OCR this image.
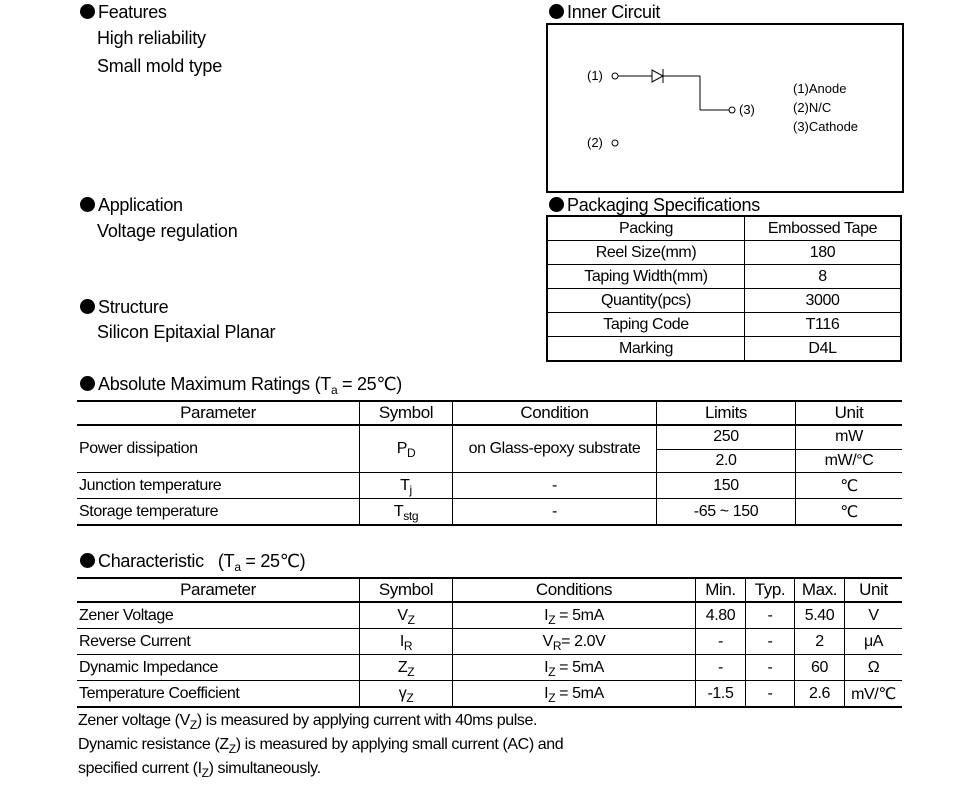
Features
High reliability
Small mold type
Inner Circuit
(1)
(3)
(2)
(1)Anode
(2)N/C
(3)Cathode
Application
Voltage regulation
Structure
Silicon Epitaxial Planar
Packaging Specifications
Packing	Embossed Tape
Reel Size(mm)	180
Taping Width(mm)	8
Quantity(pcs)	3000
Taping Code	T116
Marking	D4L
Absolute Maximum Ratings ($T_a$ = 25℃)
Parameter	Symbol	Condition	Limits	Unit
Power dissipation	$P_D$	on Glass-epoxy substrate	250	mW
			2.0	mW/°C
Junction temperature	$T_j$	-	150	℃
Storage temperature	$T_{stg}$	-	-65 ~ 150	℃
Characteristic   ($T_a$ = 25℃)
Parameter	Symbol	Conditions	Min.	Typ.	Max.	Unit
Zener Voltage	$V_Z$	$I_Z = 5mA$	4.80	-	5.40	V
Reverse Current	$I_R$	$V_R= 2.0V$	-	-	2	μA
Dynamic Impedance	$Z_Z$	$I_Z = 5mA$	-	-	60	Ω
Temperature Coefficient	$\gamma_Z$	$I_Z = 5mA$	-1.5	-	2.6	mV/℃
Zener voltage $(V_Z)$ is measured by applying current with 40ms pulse.
Dynamic resistance $(Z_Z)$ is measured by applying small current (AC) and
specified current $(I_Z)$ simultaneously.
